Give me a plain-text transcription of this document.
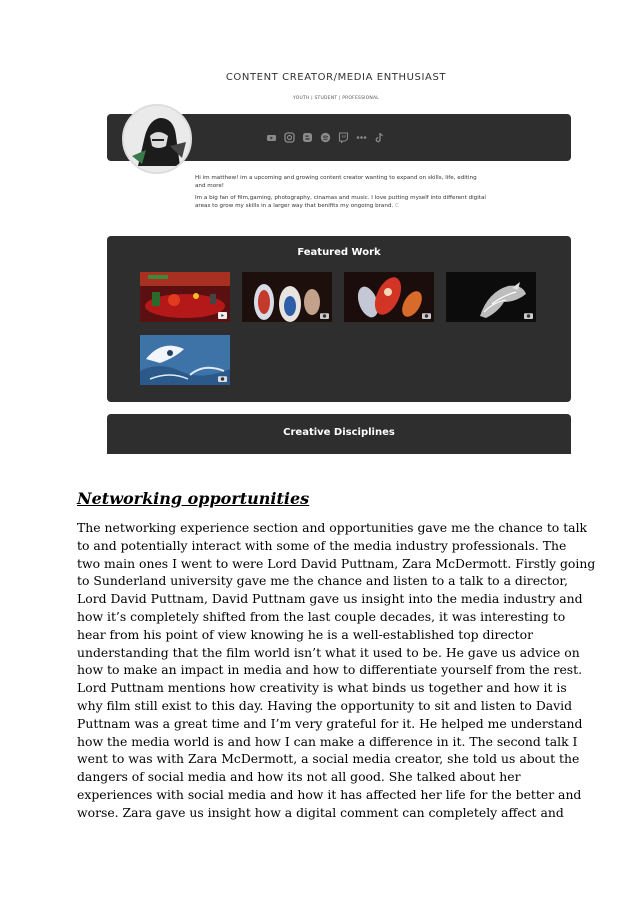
CONTENT CREATOR/MEDIA ENTHUSIAST
YOUTH | STUDENT | PROFESSIONAL

Hi im matthew! im a upcoming and growing content creator wanting to expand on skills, life, editing and more!

Im a big fan of film,gaming, photography, cinamas and music. I love putting myself into different digital areas to grow my skills in a larger way that benifits my ongoing brand. C

Featured Work
Creative Disciplines
Networking opportunities
The networking experience section and opportunities gave me the chance to talk
to and potentially interact with some of the media industry professionals. The
two main ones I went to were Lord David Puttnam, Zara McDermott. Firstly going
to Sunderland university gave me the chance and listen to a talk to a director,
Lord David Puttnam, David Puttnam gave us insight into the media industry and
how it’s completely shifted from the last couple decades, it was interesting to
hear from his point of view knowing he is a well-established top director
understanding that the film world isn’t what it used to be. He gave us advice on
how to make an impact in media and how to differentiate yourself from the rest.
Lord Puttnam mentions how creativity is what binds us together and how it is
why film still exist to this day. Having the opportunity to sit and listen to David
Puttnam was a great time and I’m very grateful for it. He helped me understand
how the media world is and how I can make a difference in it. The second talk I
went to was with Zara McDermott, a social media creator, she told us about the
dangers of social media and how its not all good. She talked about her
experiences with social media and how it has affected her life for the better and
worse. Zara gave us insight how a digital comment can completely affect and
